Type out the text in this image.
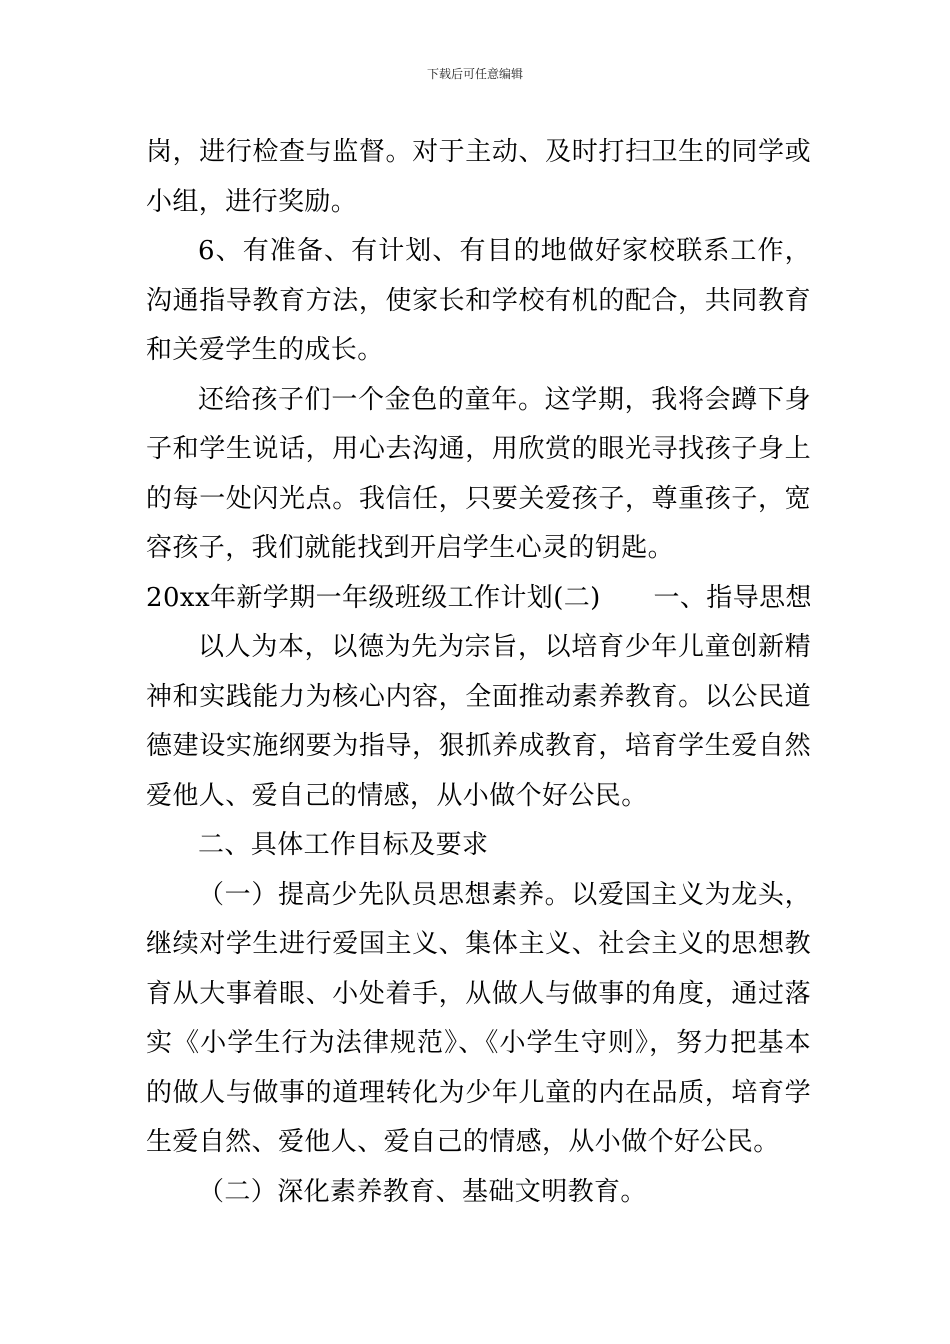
下载后可任意编辑

岗，进行检查与监督。对于主动、及时打扫卫生的同学或小组，进行奖励。

6、有准备、有计划、有目的地做好家校联系工作，沟通指导教育方法，使家长和学校有机的配合，共同教育和关爱学生的成长。

还给孩子们一个金色的童年。这学期，我将会蹲下身子和学生说话，用心去沟通，用欣赏的眼光寻找孩子身上的每一处闪光点。我信任，只要关爱孩子，尊重孩子，宽容孩子，我们就能找到开启学生心灵的钥匙。

20xx年新学期一年级班级工作计划(二)　　一、指导思想

以人为本，以德为先为宗旨，以培育少年儿童创新精神和实践能力为核心内容，全面推动素养教育。以公民道德建设实施纲要为指导，狠抓养成教育，培育学生爱自然爱他人、爱自己的情感，从小做个好公民。

二、具体工作目标及要求

（一）提高少先队员思想素养。以爱国主义为龙头，继续对学生进行爱国主义、集体主义、社会主义的思想教育从大事着眼、小处着手，从做人与做事的角度，通过落实《小学生行为法律规范》、《小学生守则》，努力把基本的做人与做事的道理转化为少年儿童的内在品质，培育学生爱自然、爱他人、爱自己的情感，从小做个好公民。

（二）深化素养教育、基础文明教育。
